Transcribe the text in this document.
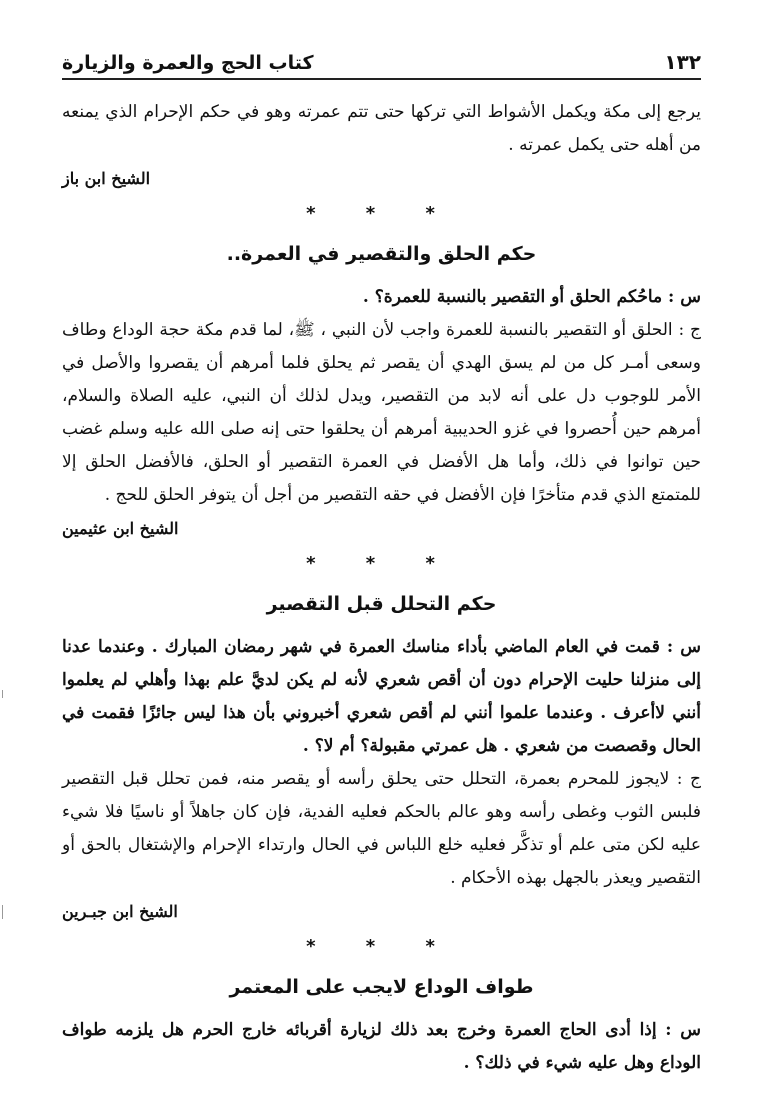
١٣٢
كتاب الحج والعمرة والزيارة

يرجع إلى مكة ويكمل الأشواط التي تركها حتى تتم عمرته وهو في حكم الإحرام الذي يمنعه من أهله حتى يكمل عمرته .

الشيخ ابن باز

* * *
حكم الحلق والتقصير في العمرة..

س : ماحُكم الحلق أو التقصير بالنسبة للعمرة؟ .

ج : الحلق أو التقصير بالنسبة للعمرة واجب لأن النبي ، ﷺ، لما قدم مكة حجة الوداع وطاف وسعى أمـر كل من لم يسق الهدي أن يقصر ثم يحلق فلما أمرهم أن يقصروا والأصل في الأمر للوجوب دل على أنه لابد من التقصير، ويدل لذلك أن النبي، عليه الصلاة والسلام، أمرهم حين أُحصروا في غزو الحديبية أمرهم أن يحلقوا حتى إنه صلى الله عليه وسلم غضب حين توانوا في ذلك، وأما هل الأفضل في العمرة التقصير أو الحلق، فالأفضل الحلق إلا للمتمتع الذي قدم متأخرًا فإن الأفضل في حقه التقصير من أجل أن يتوفر الحلق للحج .

الشيخ ابن عثيمين

* * *
حكم التحلل قبل التقصير

س : قمت في العام الماضي بأداء مناسك العمرة في شهر رمضان المبارك . وعندما عدنا إلى منزلنا حليت الإحرام دون أن أقص شعري لأنه لم يكن لديَّ علم بهذا وأهلي لم يعلموا أنني لاأعرف . وعندما علموا أنني لم أقص شعري أخبروني بأن هذا ليس جائزًا فقمت في الحال وقصصت من شعري . هل عمرتي مقبولة؟ أم لا؟ .

ج : لايجوز للمحرم بعمرة، التحلل حتى يحلق رأسه أو يقصر منه، فمن تحلل قبل التقصير فلبس الثوب وغطى رأسه وهو عالم بالحكم فعليه الفدية، فإن كان جاهلاً أو ناسيًا فلا شيء عليه لكن متى علم أو تذكَّر فعليه خلع اللباس في الحال وارتداء الإحرام والإشتغال بالحق أو التقصير ويعذر بالجهل بهذه الأحكام .

الشيخ ابن جبـرين

* * *
طواف الوداع لايجب على المعتمر

س : إذا أدى الحاج العمرة وخرج بعد ذلك لزيارة أقربائه خارج الحرم هل يلزمه طواف الوداع وهل عليه شيء في ذلك؟ .
